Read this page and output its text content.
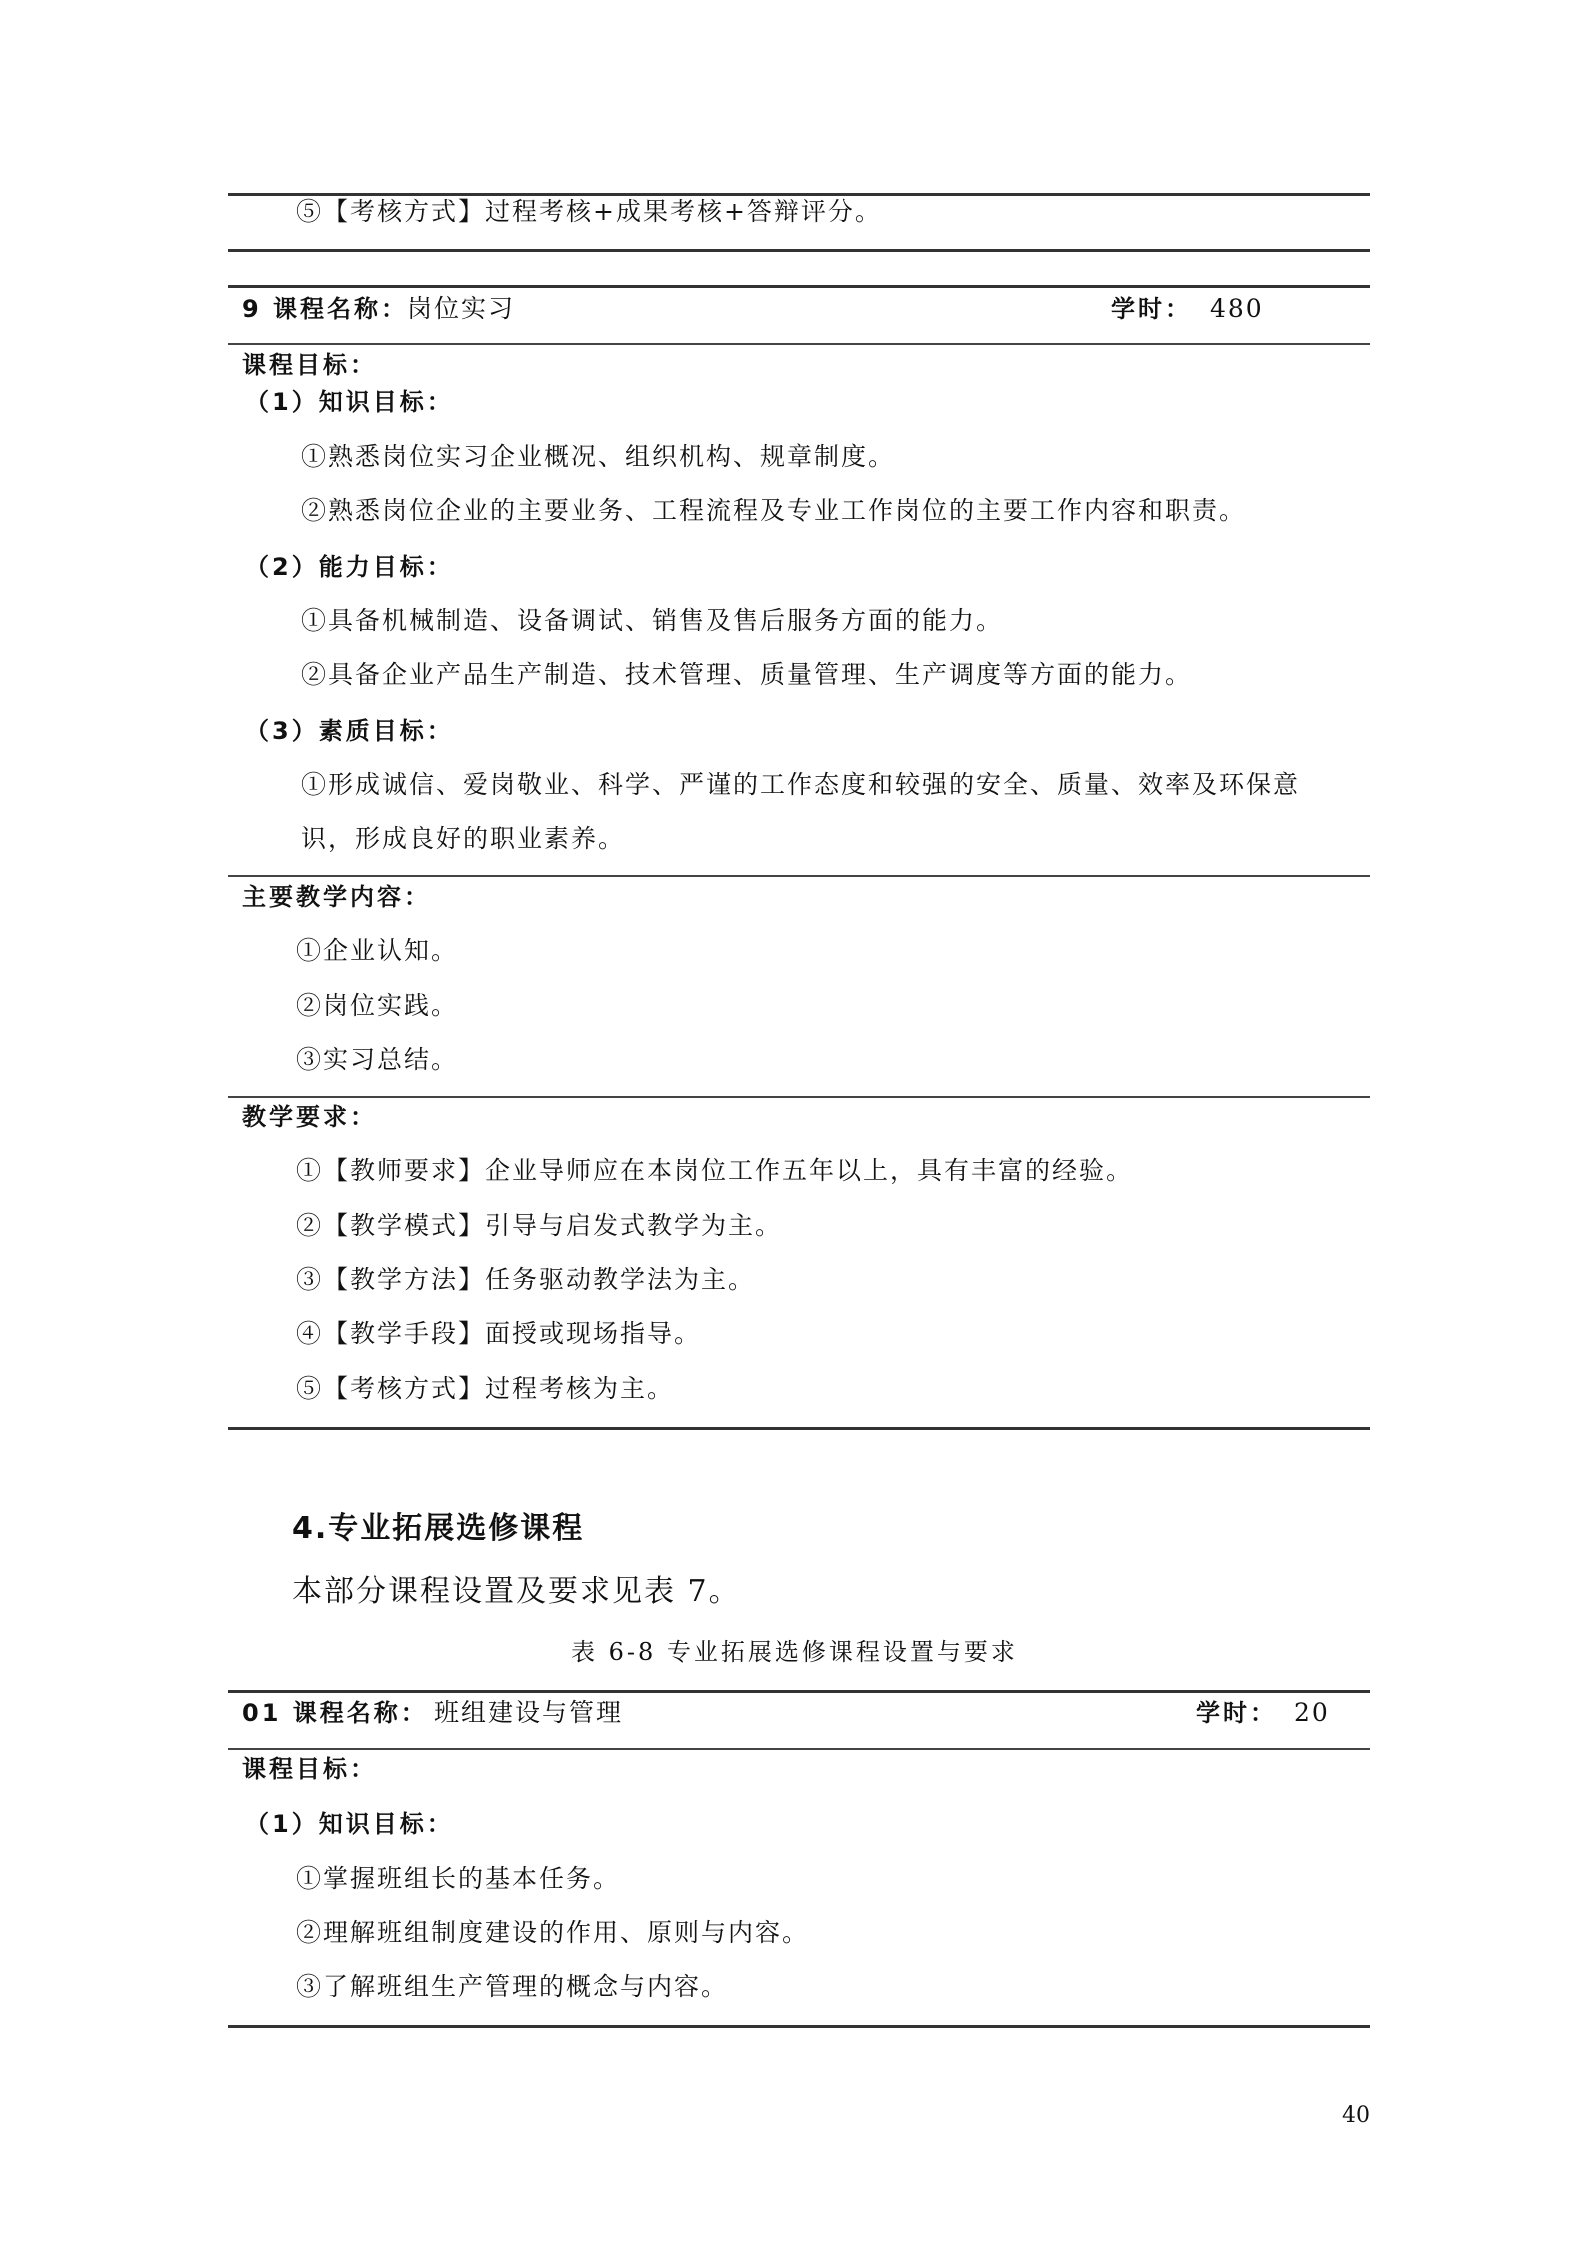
⑤【考核方式】过程考核+成果考核+答辩评分。
9 课程名称：
岗位实习	学时： 480
课程目标：
（1）知识目标：
①熟悉岗位实习企业概况、组织机构、规章制度。
②熟悉岗位企业的主要业务、工程流程及专业工作岗位的主要工作内容和职责。
（2）能力目标：
①具备机械制造、设备调试、销售及售后服务方面的能力。
②具备企业产品生产制造、技术管理、质量管理、生产调度等方面的能力。
（3）素质目标：
①形成诚信、爱岗敬业、科学、严谨的工作态度和较强的安全、质量、效率及环保意
识，形成良好的职业素养。
主要教学内容：
①企业认知。
②岗位实践。
③实习总结。
教学要求：
①【教师要求】企业导师应在本岗位工作五年以上，具有丰富的经验。
②【教学模式】引导与启发式教学为主。
③【教学方法】任务驱动教学法为主。
④【教学手段】面授或现场指导。
⑤【考核方式】过程考核为主。
4.专业拓展选修课程
本部分课程设置及要求见表 7。
表 6-8 专业拓展选修课程设置与要求
01 课程名称： 班组建设与管理	学时： 20
课程目标：
（1）知识目标：
①掌握班组长的基本任务。
②理解班组制度建设的作用、原则与内容。
③了解班组生产管理的概念与内容。
40
